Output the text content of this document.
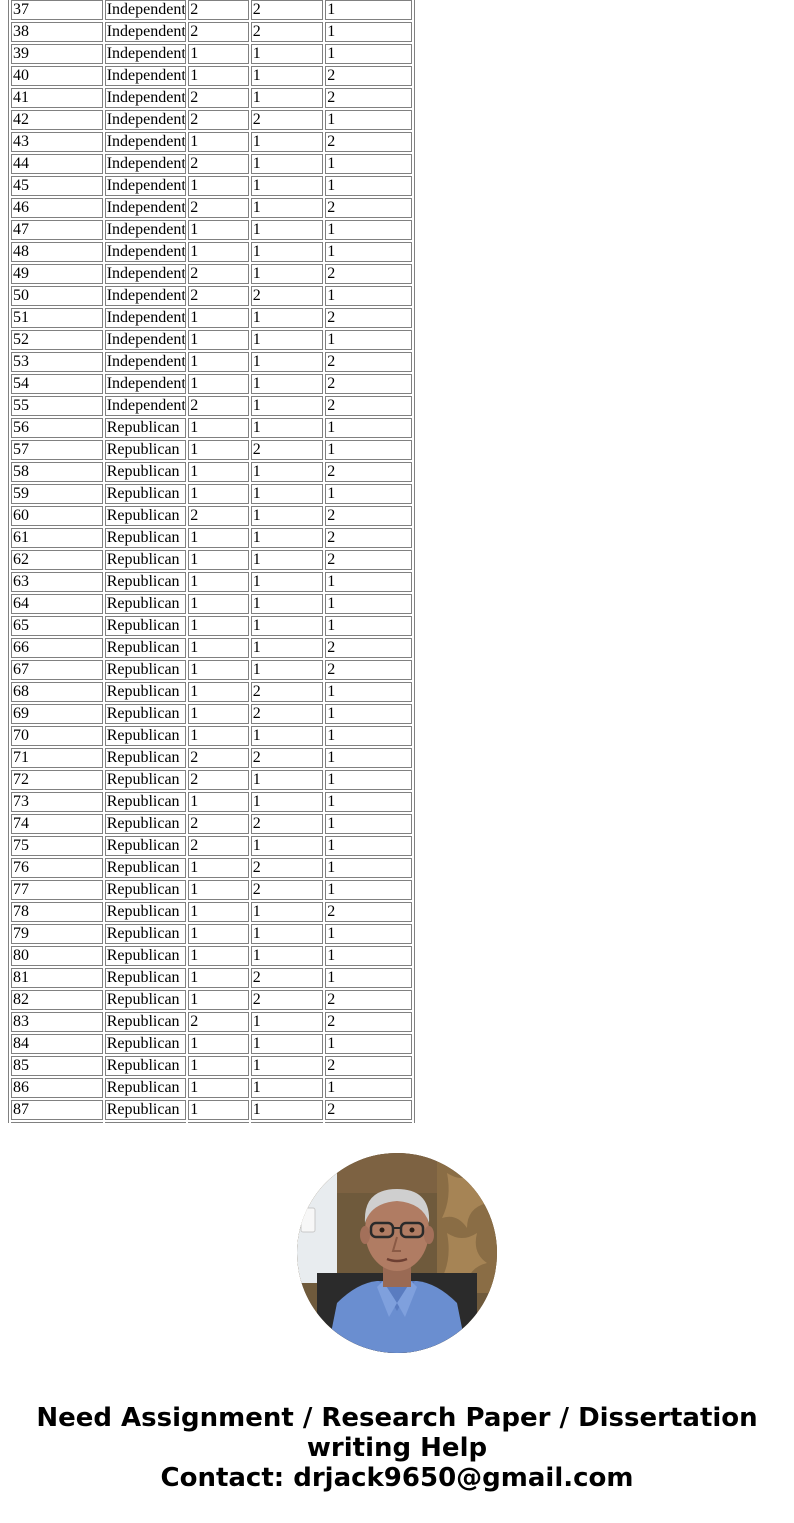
37	Independent	2	2	1
38	Independent	2	2	1
39	Independent	1	1	1
40	Independent	1	1	2
41	Independent	2	1	2
42	Independent	2	2	1
43	Independent	1	1	2
44	Independent	2	1	1
45	Independent	1	1	1
46	Independent	2	1	2
47	Independent	1	1	1
48	Independent	1	1	1
49	Independent	2	1	2
50	Independent	2	2	1
51	Independent	1	1	2
52	Independent	1	1	1
53	Independent	1	1	2
54	Independent	1	1	2
55	Independent	2	1	2
56	Republican	1	1	1
57	Republican	1	2	1
58	Republican	1	1	2
59	Republican	1	1	1
60	Republican	2	1	2
61	Republican	1	1	2
62	Republican	1	1	2
63	Republican	1	1	1
64	Republican	1	1	1
65	Republican	1	1	1
66	Republican	1	1	2
67	Republican	1	1	2
68	Republican	1	2	1
69	Republican	1	2	1
70	Republican	1	1	1
71	Republican	2	2	1
72	Republican	2	1	1
73	Republican	1	1	1
74	Republican	2	2	1
75	Republican	2	1	1
76	Republican	1	2	1
77	Republican	1	2	1
78	Republican	1	1	2
79	Republican	1	1	1
80	Republican	1	1	1
81	Republican	1	2	1
82	Republican	1	2	2
83	Republican	2	1	2
84	Republican	1	1	1
85	Republican	1	1	2
86	Republican	1	1	1
87	Republican	1	1	2

Need Assignment / Research Paper / Dissertation
writing Help
Contact: drjack9650@gmail.com
